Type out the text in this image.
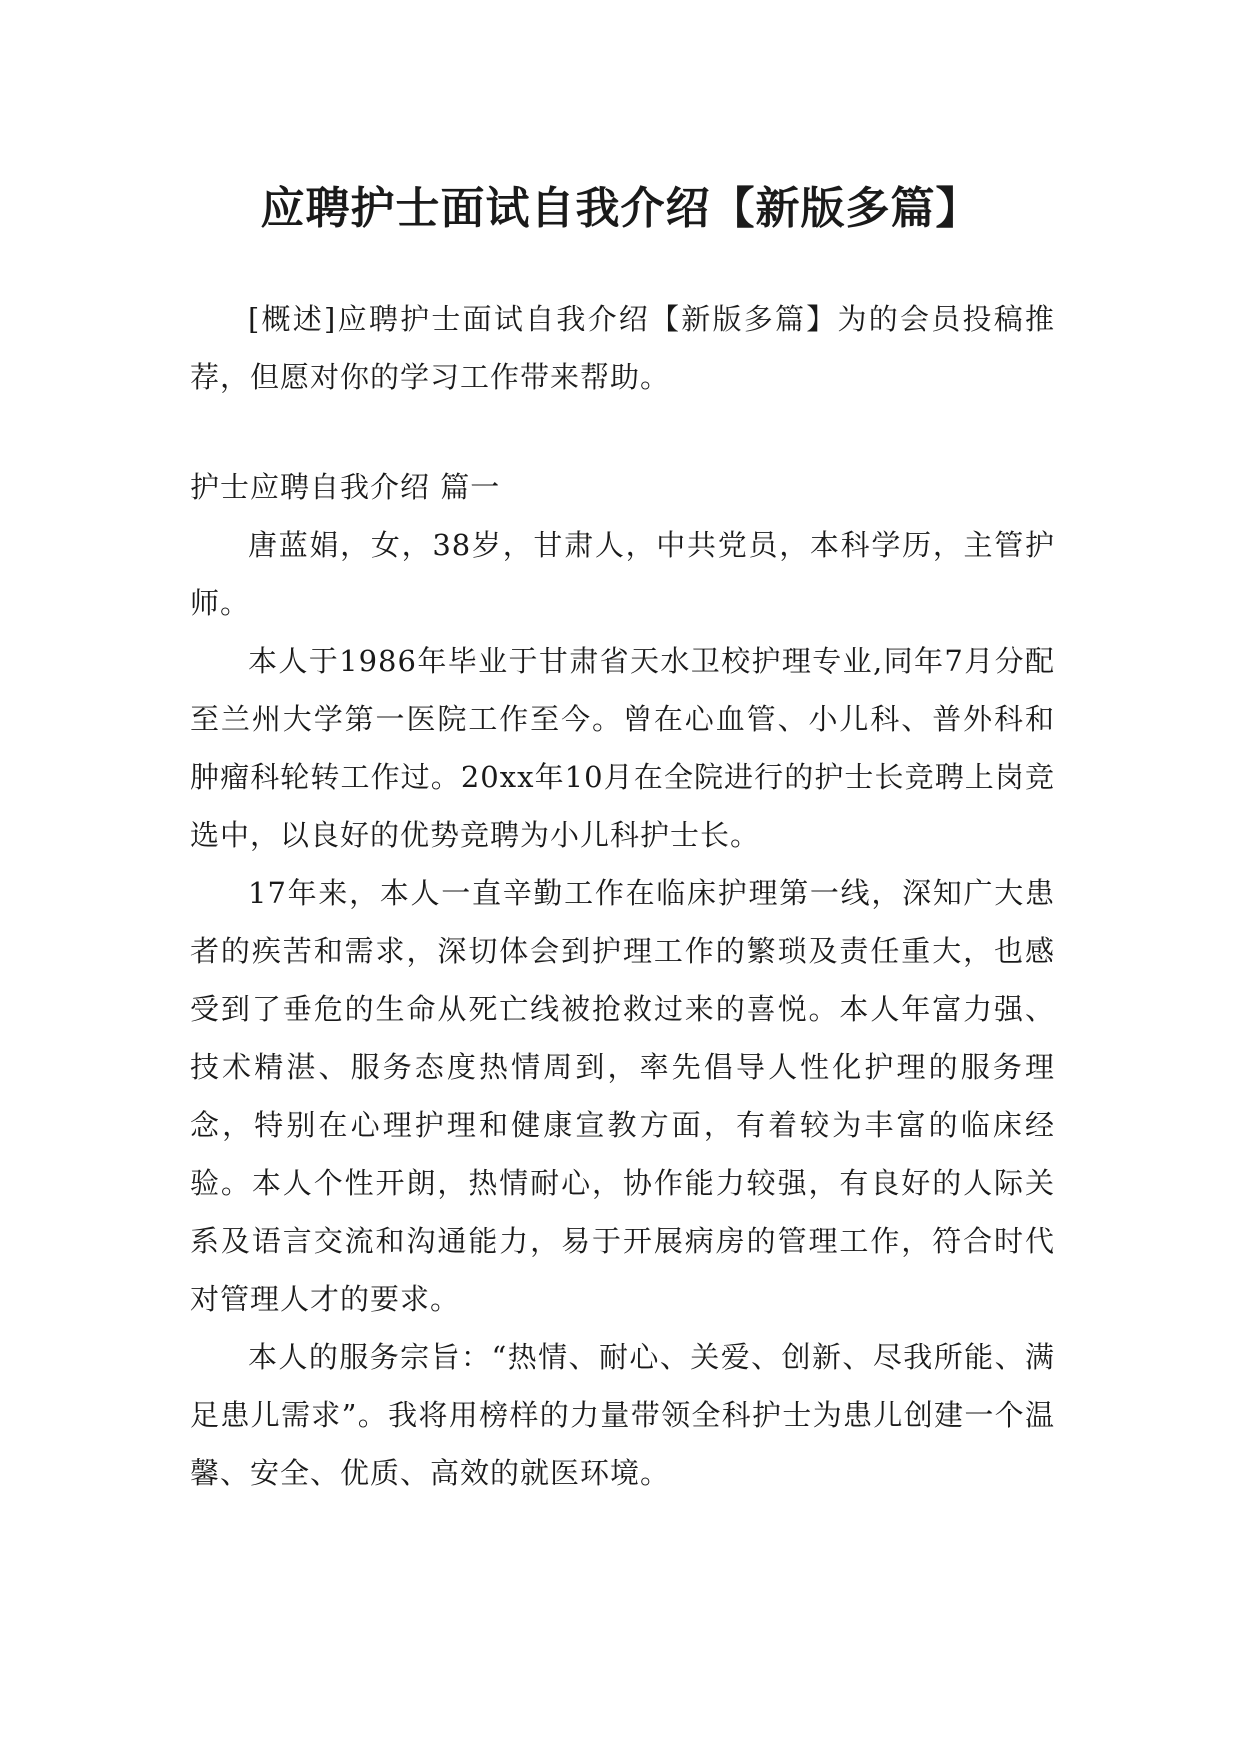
应聘护士面试自我介绍【新版多篇】

[概述]应聘护士面试自我介绍【新版多篇】为的会员投稿推荐，但愿对你的学习工作带来帮助。

护士应聘自我介绍 篇一

唐蓝娟，女，38岁，甘肃人，中共党员，本科学历，主管护师。

本人于1986年毕业于甘肃省天水卫校护理专业,同年7月分配至兰州大学第一医院工作至今。曾在心血管、小儿科、普外科和肿瘤科轮转工作过。20xx年10月在全院进行的护士长竞聘上岗竞选中，以良好的优势竞聘为小儿科护士长。

17年来，本人一直辛勤工作在临床护理第一线，深知广大患者的疾苦和需求，深切体会到护理工作的繁琐及责任重大，也感受到了垂危的生命从死亡线被抢救过来的喜悦。本人年富力强、技术精湛、服务态度热情周到，率先倡导人性化护理的服务理念，特别在心理护理和健康宣教方面，有着较为丰富的临床经验。本人个性开朗，热情耐心，协作能力较强，有良好的人际关系及语言交流和沟通能力，易于开展病房的管理工作，符合时代对管理人才的要求。

本人的服务宗旨：“热情、耐心、关爱、创新、尽我所能、满足患儿需求”。我将用榜样的力量带领全科护士为患儿创建一个温馨、安全、优质、高效的就医环境。
